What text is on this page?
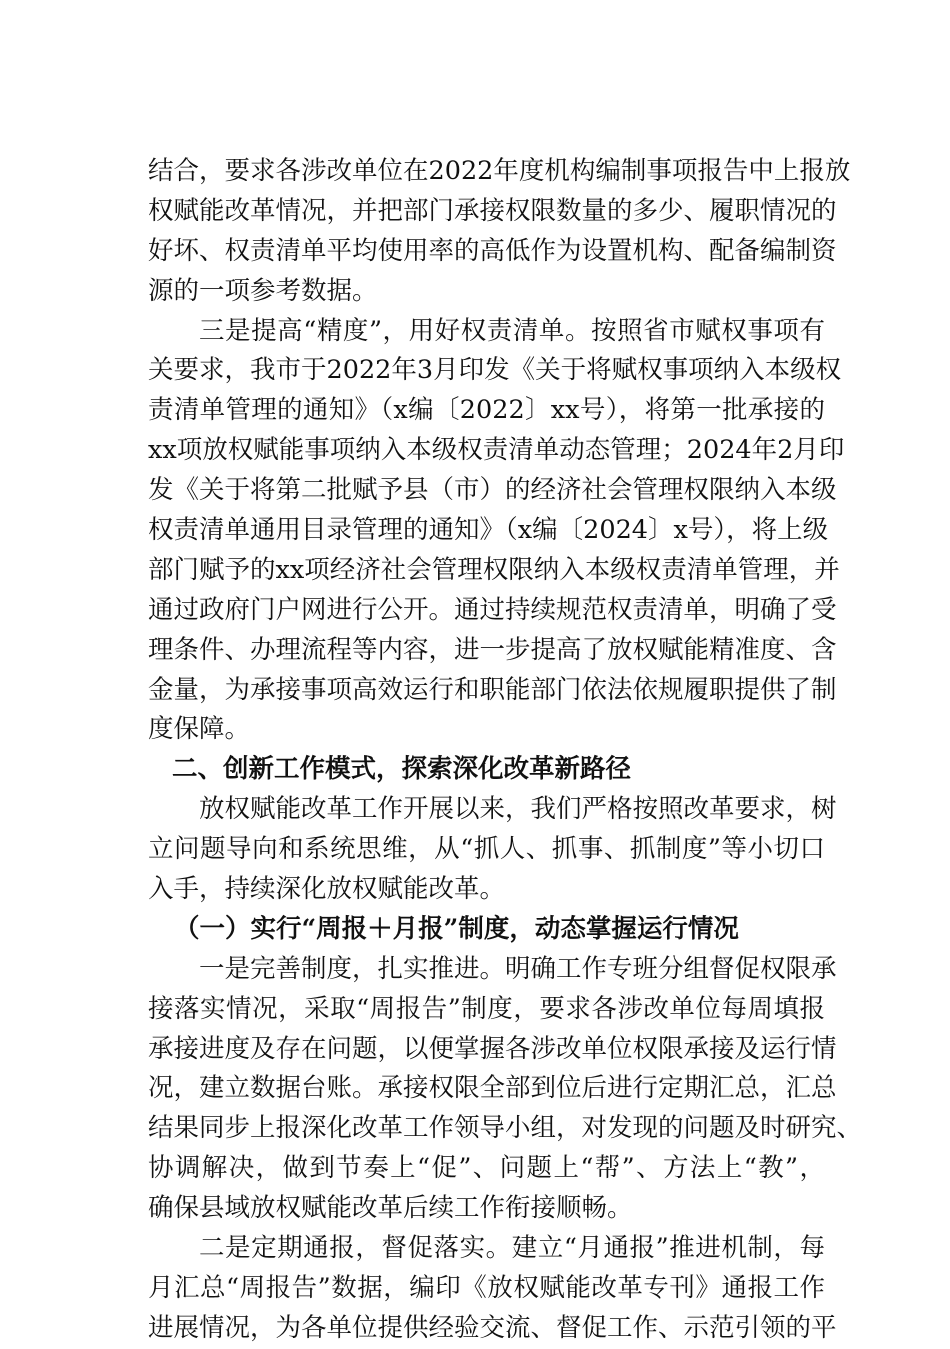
结合，要求各涉改单位在2022年度机构编制事项报告中上报放
权赋能改革情况，并把部门承接权限数量的多少、履职情况的
好坏、权责清单平均使用率的高低作为设置机构、配备编制资
源的一项参考数据。
三是提高“精度”，用好权责清单。按照省市赋权事项有
关要求，我市于2022年3月印发《关于将赋权事项纳入本级权
责清单管理的通知》（x编〔2022〕xx号），将第一批承接的
xx项放权赋能事项纳入本级权责清单动态管理；2024年2月印
发《关于将第二批赋予县（市）的经济社会管理权限纳入本级
权责清单通用目录管理的通知》（x编〔2024〕x号），将上级
部门赋予的xx项经济社会管理权限纳入本级权责清单管理，并
通过政府门户网进行公开。通过持续规范权责清单，明确了受
理条件、办理流程等内容，进一步提高了放权赋能精准度、含
金量，为承接事项高效运行和职能部门依法依规履职提供了制
度保障。
二、创新工作模式，探索深化改革新路径
放权赋能改革工作开展以来，我们严格按照改革要求，树
立问题导向和系统思维，从“抓人、抓事、抓制度”等小切口
入手，持续深化放权赋能改革。
（一）实行“周报＋月报”制度，动态掌握运行情况
一是完善制度，扎实推进。明确工作专班分组督促权限承
接落实情况，采取“周报告”制度，要求各涉改单位每周填报
承接进度及存在问题，以便掌握各涉改单位权限承接及运行情
况，建立数据台账。承接权限全部到位后进行定期汇总，汇总
结果同步上报深化改革工作领导小组，对发现的问题及时研究、
协调解决，做到节奏上“促”、问题上“帮”、方法上“教”，
确保县域放权赋能改革后续工作衔接顺畅。
二是定期通报，督促落实。建立“月通报”推进机制，每
月汇总“周报告”数据，编印《放权赋能改革专刊》通报工作
进展情况，为各单位提供经验交流、督促工作、示范引领的平
